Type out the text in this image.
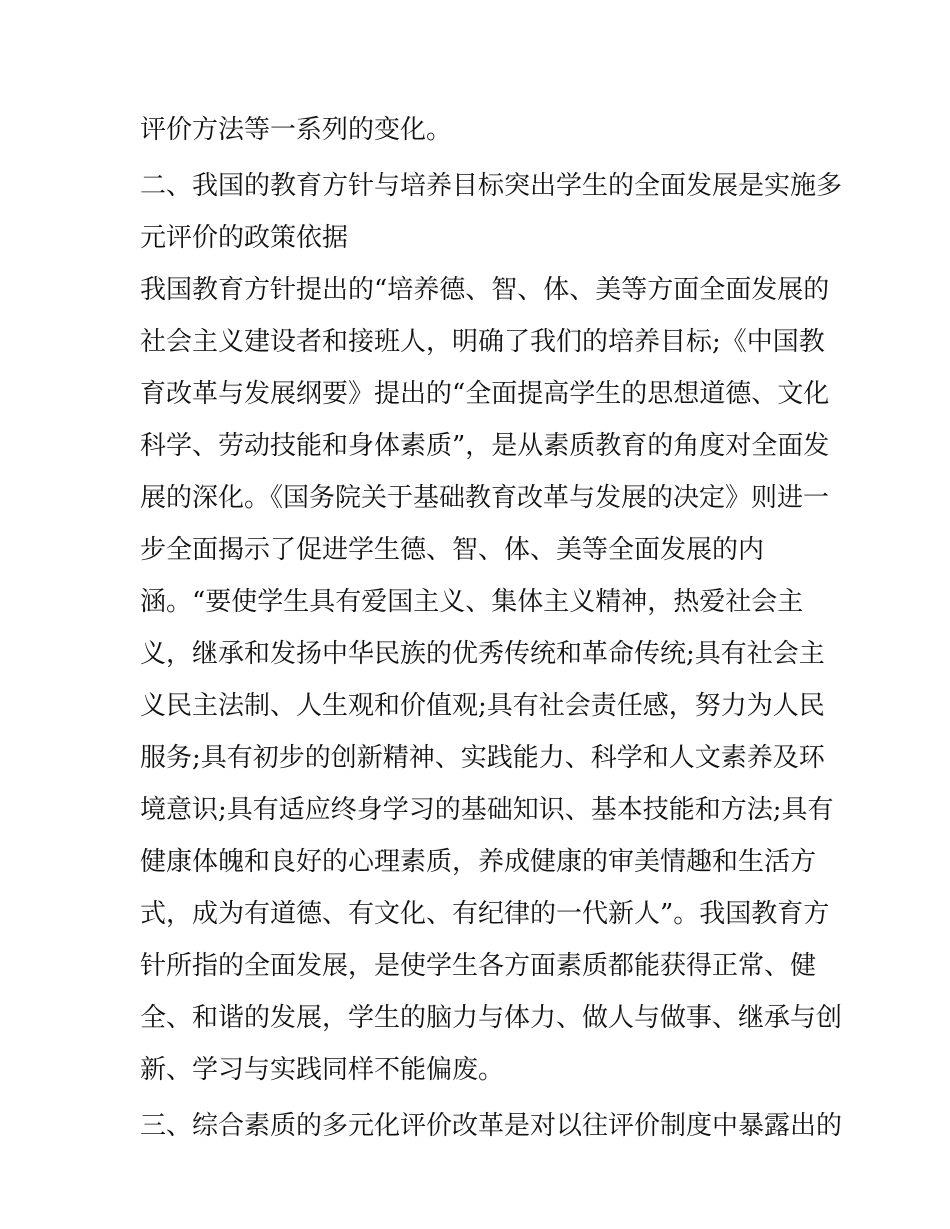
评价方法等一系列的变化。
二、我国的教育方针与培养目标突出学生的全面发展是实施多
元评价的政策依据
我国教育方针提出的“培养德、智、体、美等方面全面发展的
社会主义建设者和接班人，明确了我们的培养目标;《中国教
育改革与发展纲要》提出的“全面提高学生的思想道德、文化
科学、劳动技能和身体素质”，是从素质教育的角度对全面发
展的深化。《国务院关于基础教育改革与发展的决定》则进一
步全面揭示了促进学生德、智、体、美等全面发展的内
涵。“要使学生具有爱国主义、集体主义精神，热爱社会主
义，继承和发扬中华民族的优秀传统和革命传统;具有社会主
义民主法制、人生观和价值观;具有社会责任感，努力为人民
服务;具有初步的创新精神、实践能力、科学和人文素养及环
境意识;具有适应终身学习的基础知识、基本技能和方法;具有
健康体魄和良好的心理素质，养成健康的审美情趣和生活方
式，成为有道德、有文化、有纪律的一代新人”。我国教育方
针所指的全面发展，是使学生各方面素质都能获得正常、健
全、和谐的发展，学生的脑力与体力、做人与做事、继承与创
新、学习与实践同样不能偏废。
三、综合素质的多元化评价改革是对以往评价制度中暴露出的
